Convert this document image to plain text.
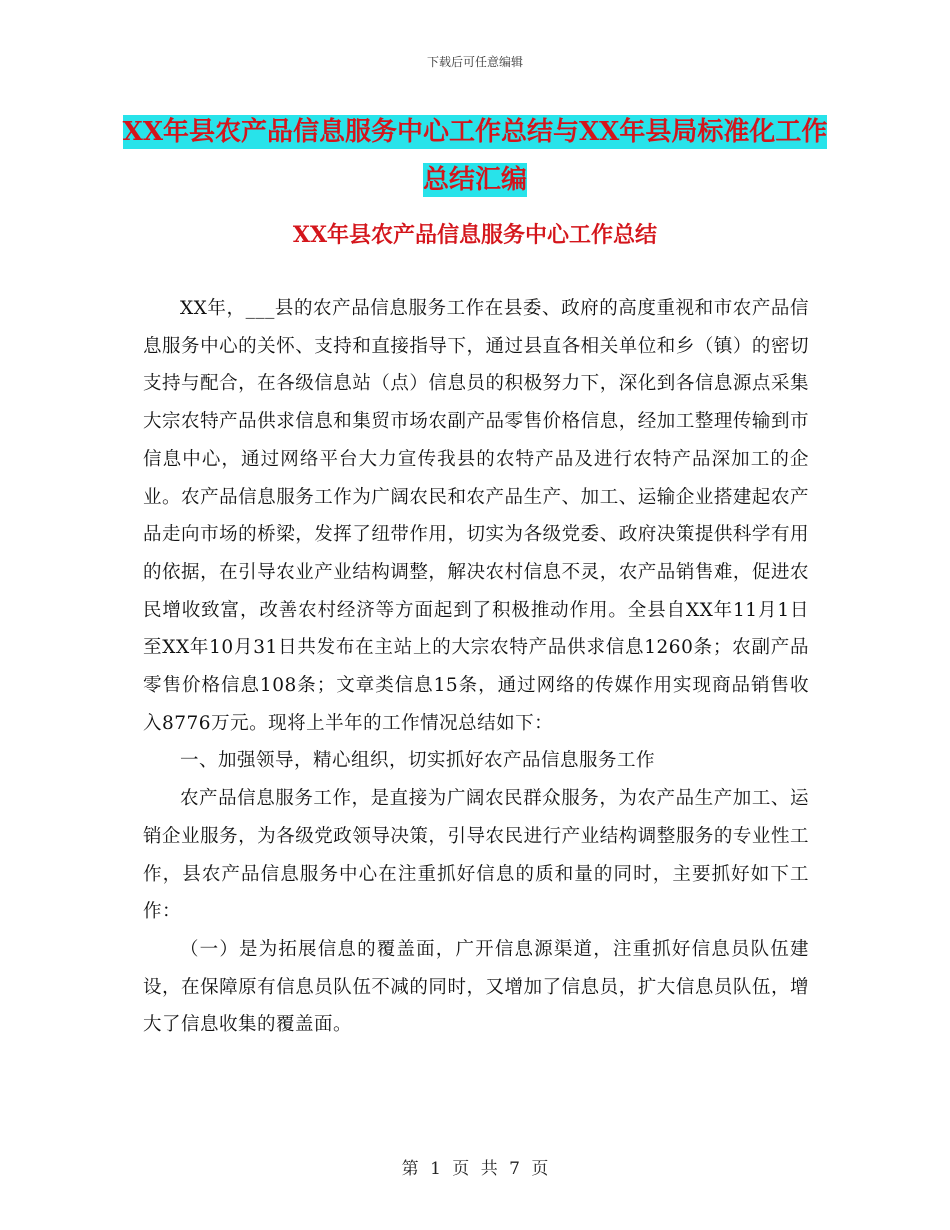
下载后可任意编辑
XX年县农产品信息服务中心工作总结与XX年县局标准化工作总结汇编
XX年县农产品信息服务中心工作总结

XX年，___县的农产品信息服务工作在县委、政府的高度重视和市农产品信息服务中心的关怀、支持和直接指导下，通过县直各相关单位和乡（镇）的密切支持与配合，在各级信息站（点）信息员的积极努力下，深化到各信息源点采集大宗农特产品供求信息和集贸市场农副产品零售价格信息，经加工整理传输到市信息中心，通过网络平台大力宣传我县的农特产品及进行农特产品深加工的企业。农产品信息服务工作为广阔农民和农产品生产、加工、运输企业搭建起农产品走向市场的桥梁，发挥了纽带作用，切实为各级党委、政府决策提供科学有用的依据，在引导农业产业结构调整，解决农村信息不灵，农产品销售难，促进农民增收致富，改善农村经济等方面起到了积极推动作用。全县自XX年11月1日至XX年10月31日共发布在主站上的大宗农特产品供求信息1260条；农副产品零售价格信息108条；文章类信息15条，通过网络的传媒作用实现商品销售收入8776万元。现将上半年的工作情况总结如下：

一、加强领导，精心组织，切实抓好农产品信息服务工作

农产品信息服务工作，是直接为广阔农民群众服务，为农产品生产加工、运销企业服务，为各级党政领导决策，引导农民进行产业结构调整服务的专业性工作，县农产品信息服务中心在注重抓好信息的质和量的同时，主要抓好如下工作：

（一）是为拓展信息的覆盖面，广开信息源渠道，注重抓好信息员队伍建设，在保障原有信息员队伍不减的同时，又增加了信息员，扩大信息员队伍，增大了信息收集的覆盖面。

第 1 页 共 7 页
